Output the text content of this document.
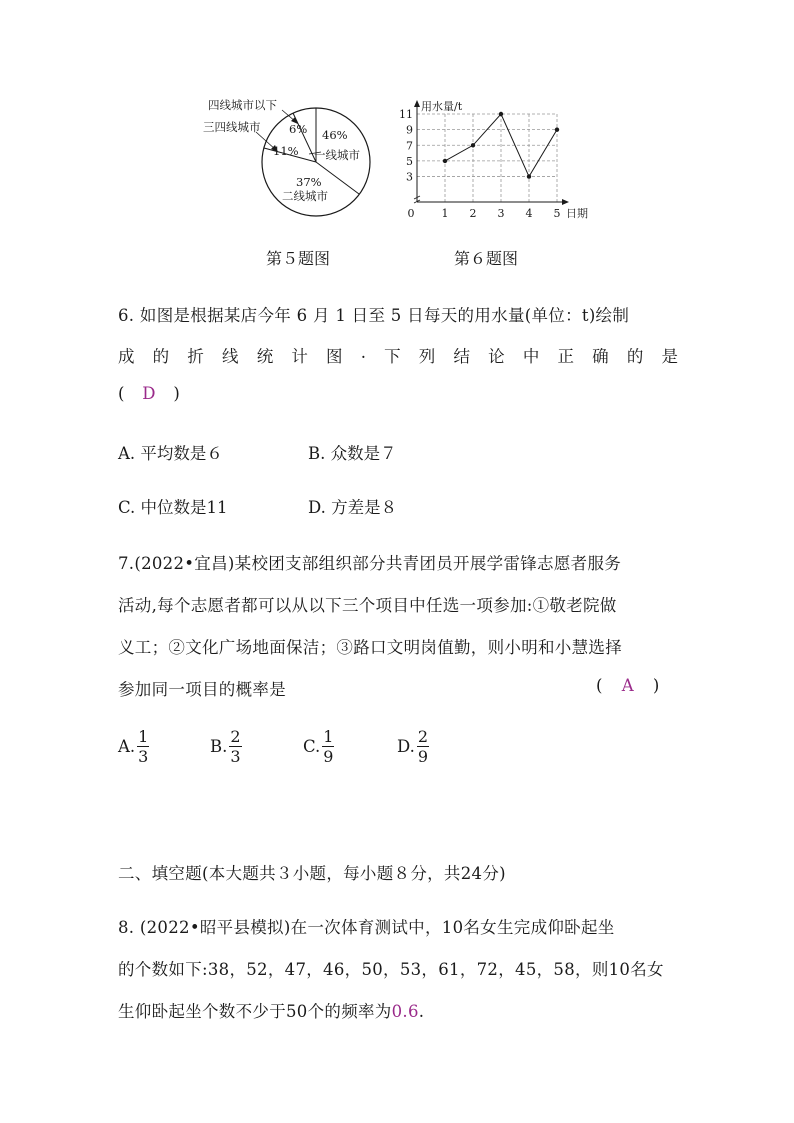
四线城市以下
三四线城市 6% 46%
11% 一线城市
37%
二线城市
用水量/t
日期
3
5
7
9
11
0 1 2 3 4 5
第５题图	第６题图
6. 如图是根据某店今年 6 月 1 日至 5 日每天的用水量(单位：t)绘制
成 的 折 线 统 计 图 . 下 列 结 论 中 正 确 的 是
( D )
A. 平均数是６	B. 众数是７
C. 中位数是11	D. 方差是８
7.(2022•宜昌)某校团支部组织部分共青团员开展学雷锋志愿者服务
活动,每个志愿者都可以从以下三个项目中任选一项参加:①敬老院做
义工；②文化广场地面保洁；③路口文明岗值勤，则小明和小慧选择
参加同一项目的概率是	( A )
A. $\frac{1}{3}$	B. $\frac{2}{3}$	C. $\frac{1}{9}$	D. $\frac{2}{9}$
二、填空题(本大题共３小题，每小题８分，共24分)
8. (2022•昭平县模拟)在一次体育测试中，10名女生完成仰卧起坐
的个数如下:38，52，47，46，50，53，61，72，45，58，则10名女
生仰卧起坐个数不少于50个的频率为0.6.
